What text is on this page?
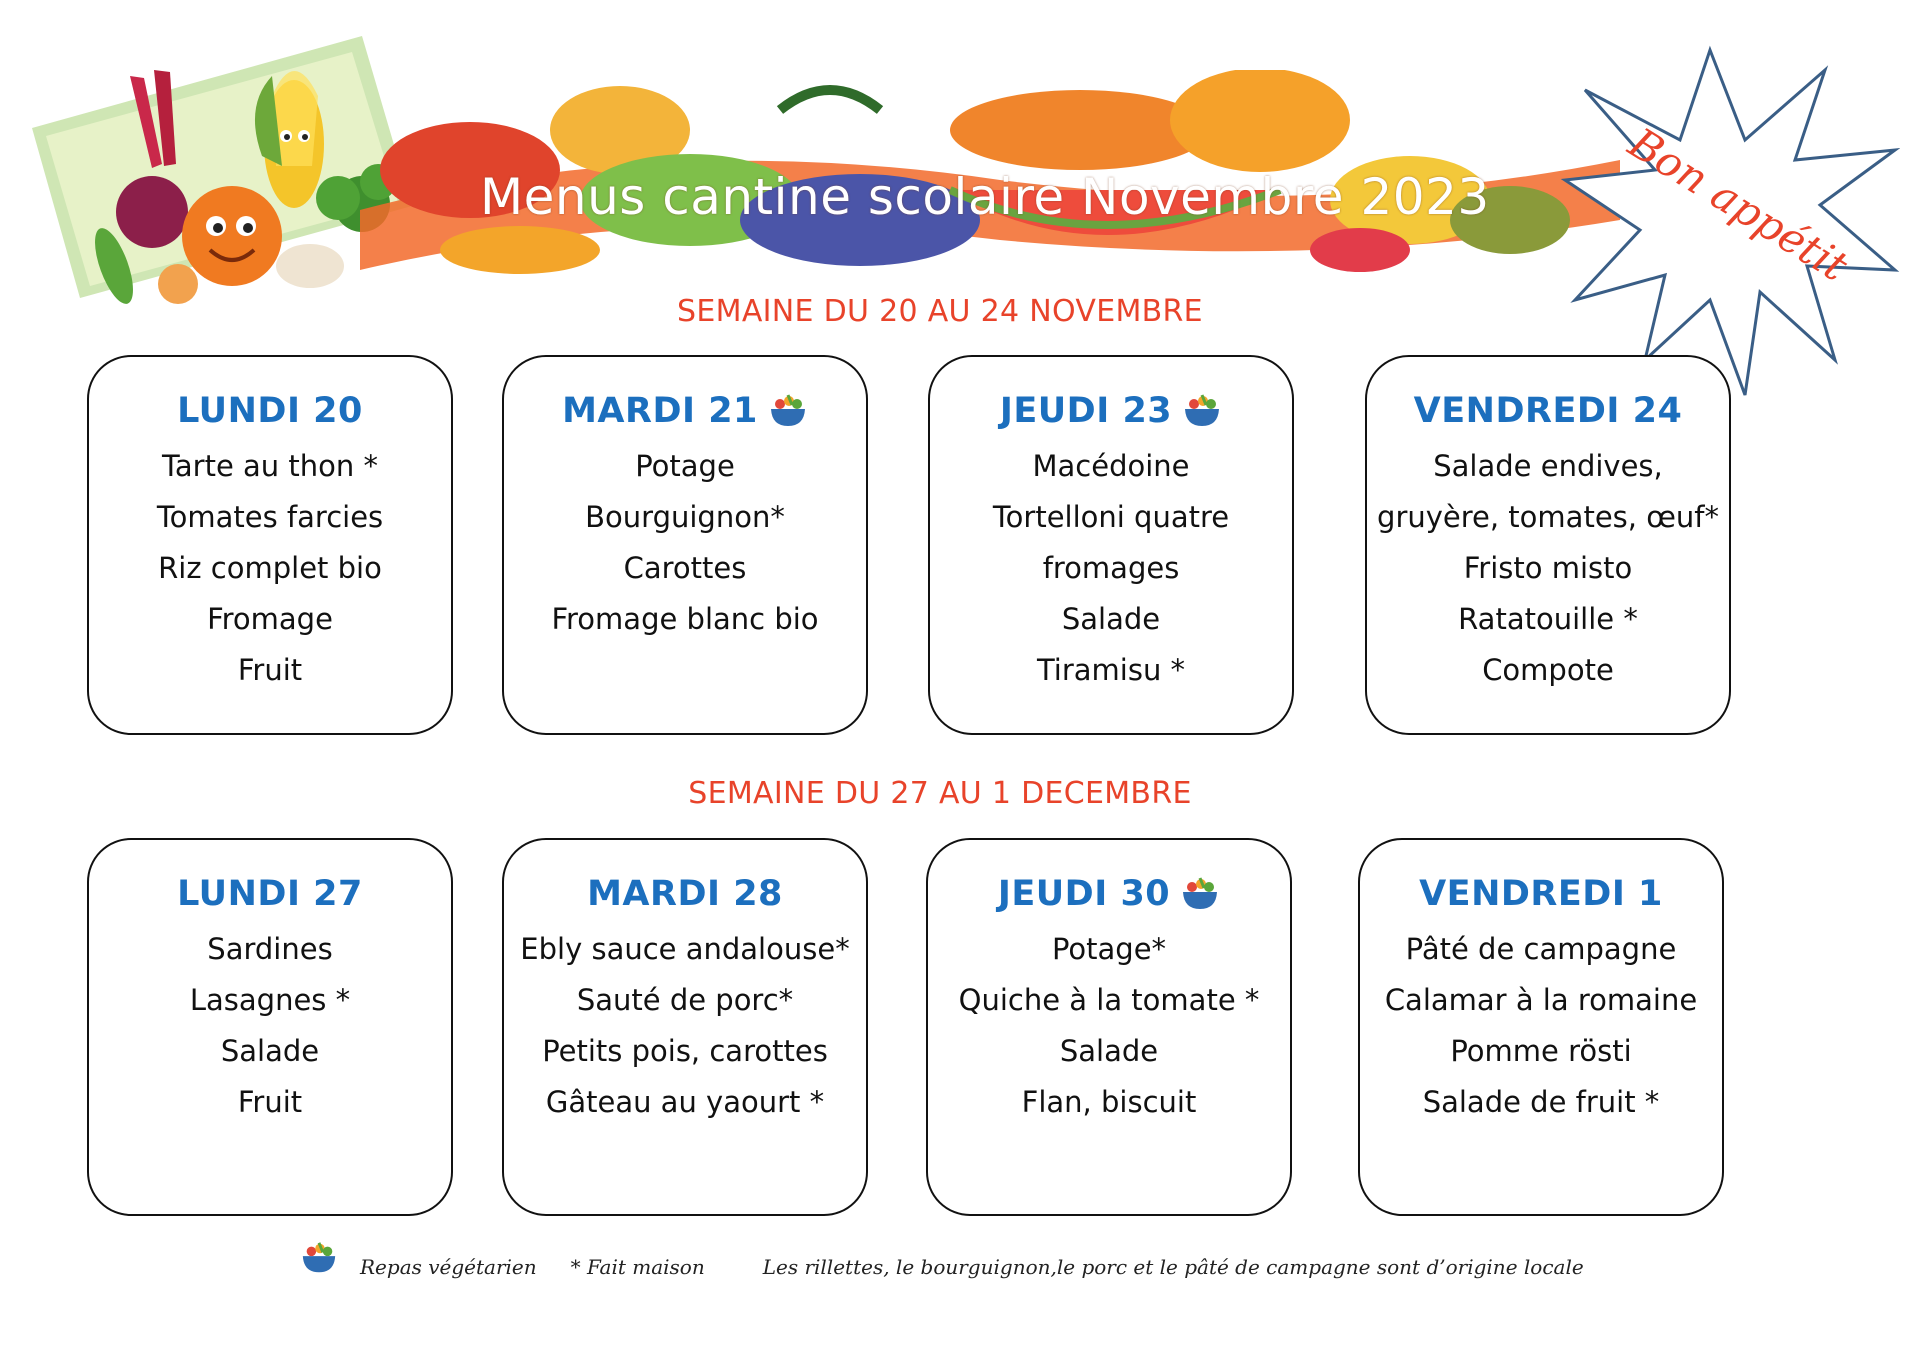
Menus cantine scolaire Novembre 2023	Bon appétit
SEMAINE DU 20 AU 24 NOVEMBRE
LUNDI 20
Tarte au thon *
Tomates farcies
Riz complet bio
Fromage
Fruit
MARDI 21
Potage
Bourguignon*
Carottes
Fromage blanc bio
JEUDI 23
Macédoine
Tortelloni quatre
fromages
Salade
Tiramisu *
VENDREDI 24
Salade endives,
gruyère, tomates, œuf*
Fristo misto
Ratatouille *
Compote
SEMAINE DU 27 AU 1 DECEMBRE
LUNDI 27
Sardines
Lasagnes *
Salade
Fruit
MARDI 28
Ebly sauce andalouse*
Sauté de porc*
Petits pois, carottes
Gâteau au yaourt *
JEUDI 30
Potage*
Quiche à la tomate *
Salade
Flan, biscuit
VENDREDI 1
Pâté de campagne
Calamar à la romaine
Pomme rösti
Salade de fruit *
Repas végétarien * Fait maison	Les rillettes, le bourguignon,le porc et le pâté de campagne sont d’origine locale
